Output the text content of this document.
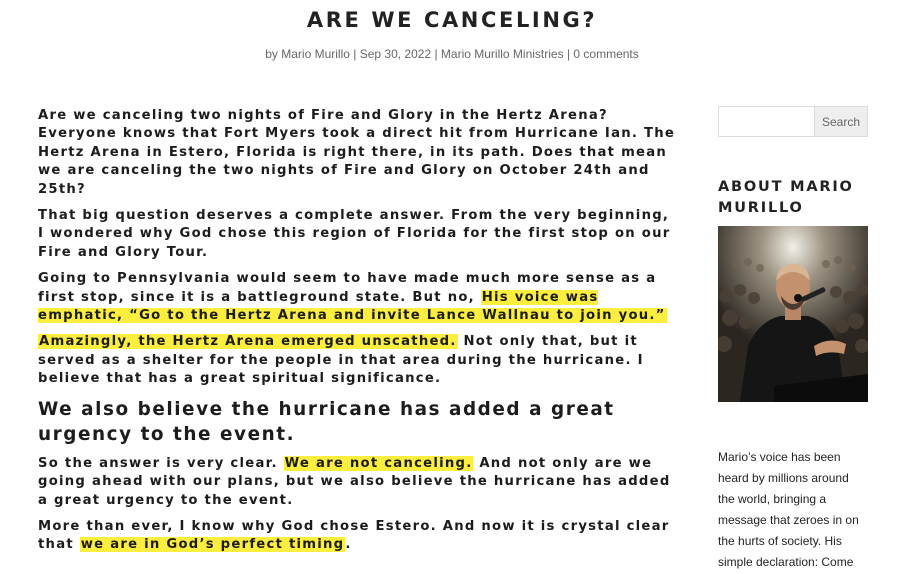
ARE WE CANCELING?
by Mario Murillo | Sep 30, 2022 | Mario Murillo Ministries | 0 comments

Are we canceling two nights of Fire and Glory in the Hertz Arena? Everyone knows that Fort Myers took a direct hit from Hurricane Ian. The Hertz Arena in Estero, Florida is right there, in its path. Does that mean we are canceling the two nights of Fire and Glory on October 24th and 25th?

That big question deserves a complete answer. From the very beginning, I wondered why God chose this region of Florida for the first stop on our Fire and Glory Tour.

Going to Pennsylvania would seem to have made much more sense as a first stop, since it is a battleground state. But no, His voice was emphatic, “Go to the Hertz Arena and invite Lance Wallnau to join you.”

Amazingly, the Hertz Arena emerged unscathed. Not only that, but it served as a shelter for the people in that area during the hurricane. I believe that has a great spiritual significance.

We also believe the hurricane has added a great urgency to the event.

So the answer is very clear. We are not canceling. And not only are we going ahead with our plans, but we also believe the hurricane has added a great urgency to the event.

More than ever, I know why God chose Estero. And now it is crystal clear that we are in God’s perfect timing.

Search
ABOUT MARIO MURILLO

Mario’s voice has been heard by millions around the world, bringing a message that zeroes in on the hurts of society. His simple declaration: Come
